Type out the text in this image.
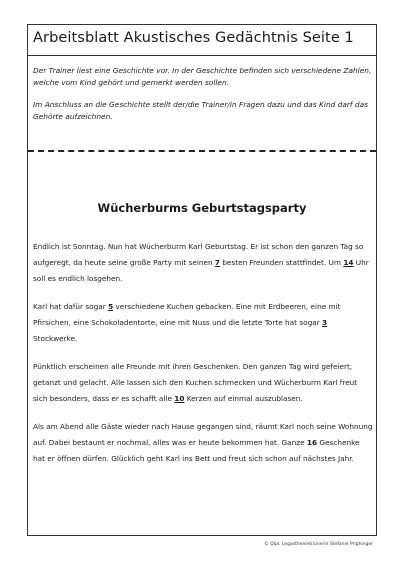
Arbeitsblatt Akustisches Gedächtnis Seite 1

Der Trainer liest eine Geschichte vor. In der Geschichte befinden sich verschiedene Zahlen, welche vom Kind gehört und gemerkt werden sollen.

Im Anschluss an die Geschichte stellt der/die Trainer/in Fragen dazu und das Kind darf das Gehörte aufzeichnen.

Wücherburms Geburtstagsparty

Endlich ist Sonntag. Nun hat Wücherburm Karl Geburtstag. Er ist schon den ganzen Tag so aufgeregt, da heute seine große Party mit seinen 7 besten Freunden stattfindet. Um 14 Uhr soll es endlich losgehen.

Karl hat dafür sogar 5 verschiedene Kuchen gebacken. Eine mit Erdbeeren, eine mit Pfirsichen, eine Schokoladentorte, eine mit Nuss und die letzte Torte hat sogar 3 Stockwerke.

Pünktlich erscheinen alle Freunde mit ihren Geschenken. Den ganzen Tag wird gefeiert, getanzt und gelacht. Alle lassen sich den Kuchen schmecken und Wücherburm Karl freut sich besonders, dass er es schafft alle 10 Kerzen auf einmal auszublasen.

Als am Abend alle Gäste wieder nach Hause gegangen sind, räumt Karl noch seine Wohnung auf. Dabei bestaunt er nochmal, alles was er heute bekommen hat. Ganze 16 Geschenke hat er öffnen dürfen. Glücklich geht Karl ins Bett und freut sich schon auf nächstes Jahr.

© Dipl. Legasthenietrainerin Stefanie Prighinger
